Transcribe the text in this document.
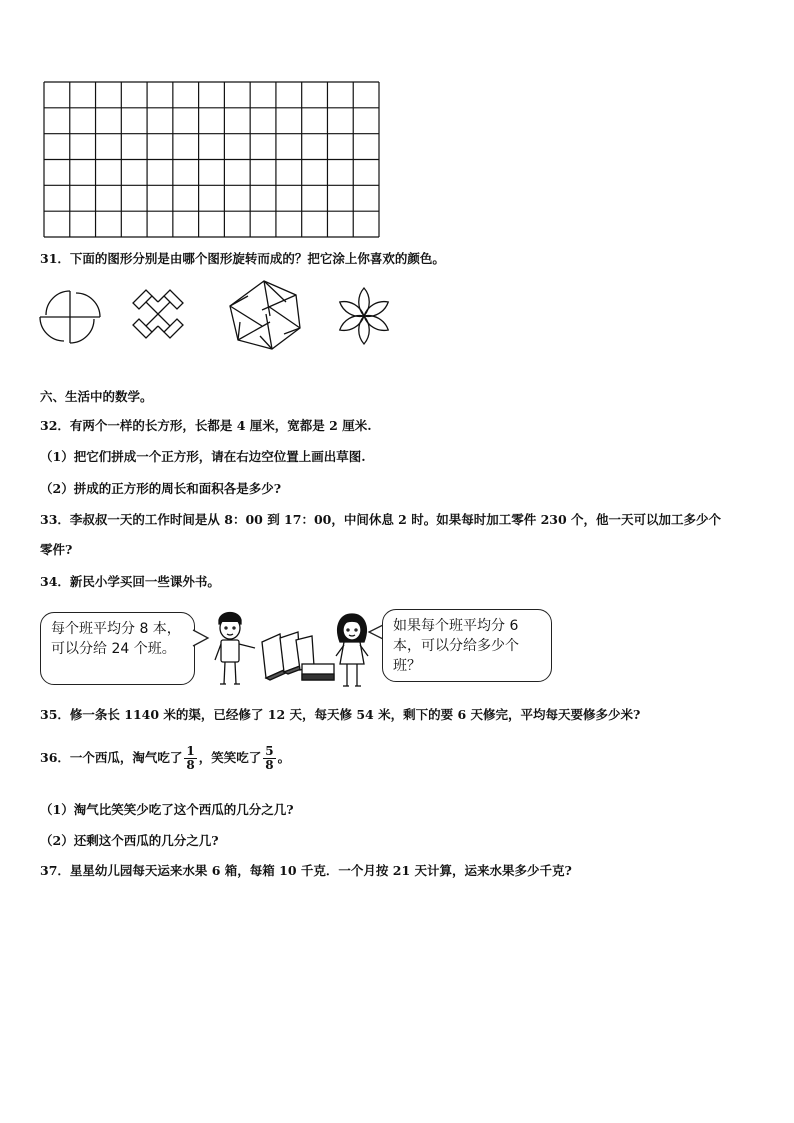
31．下面的图形分别是由哪个图形旋转而成的？把它涂上你喜欢的颜色。
六、生活中的数学。
32．有两个一样的长方形，长都是 4 厘米，宽都是 2 厘米.
（1）把它们拼成一个正方形，请在右边空位置上画出草图.
（2）拼成的正方形的周长和面积各是多少?
33．李叔叔一天的工作时间是从 8：00 到 17：00，中间休息 2 时。如果每时加工零件 230 个，他一天可以加工多少个
零件?
34．新民小学买回一些课外书。
每个班平均分 8 本，可以分给 24 个班。
如果每个班平均分 6 本，可以分给多少个班？
35．修一条长 1140 米的渠，已经修了 12 天，每天修 54 米，剩下的要 6 天修完，平均每天要修多少米?
36．一个西瓜，淘气吃了 $\frac{1}{8}$ ，笑笑吃了 $\frac{5}{8}$ 。
（1）淘气比笑笑少吃了这个西瓜的几分之几?
（2）还剩这个西瓜的几分之几?
37．星星幼儿园每天运来水果 6 箱，每箱 10 千克．一个月按 21 天计算，运来水果多少千克?
